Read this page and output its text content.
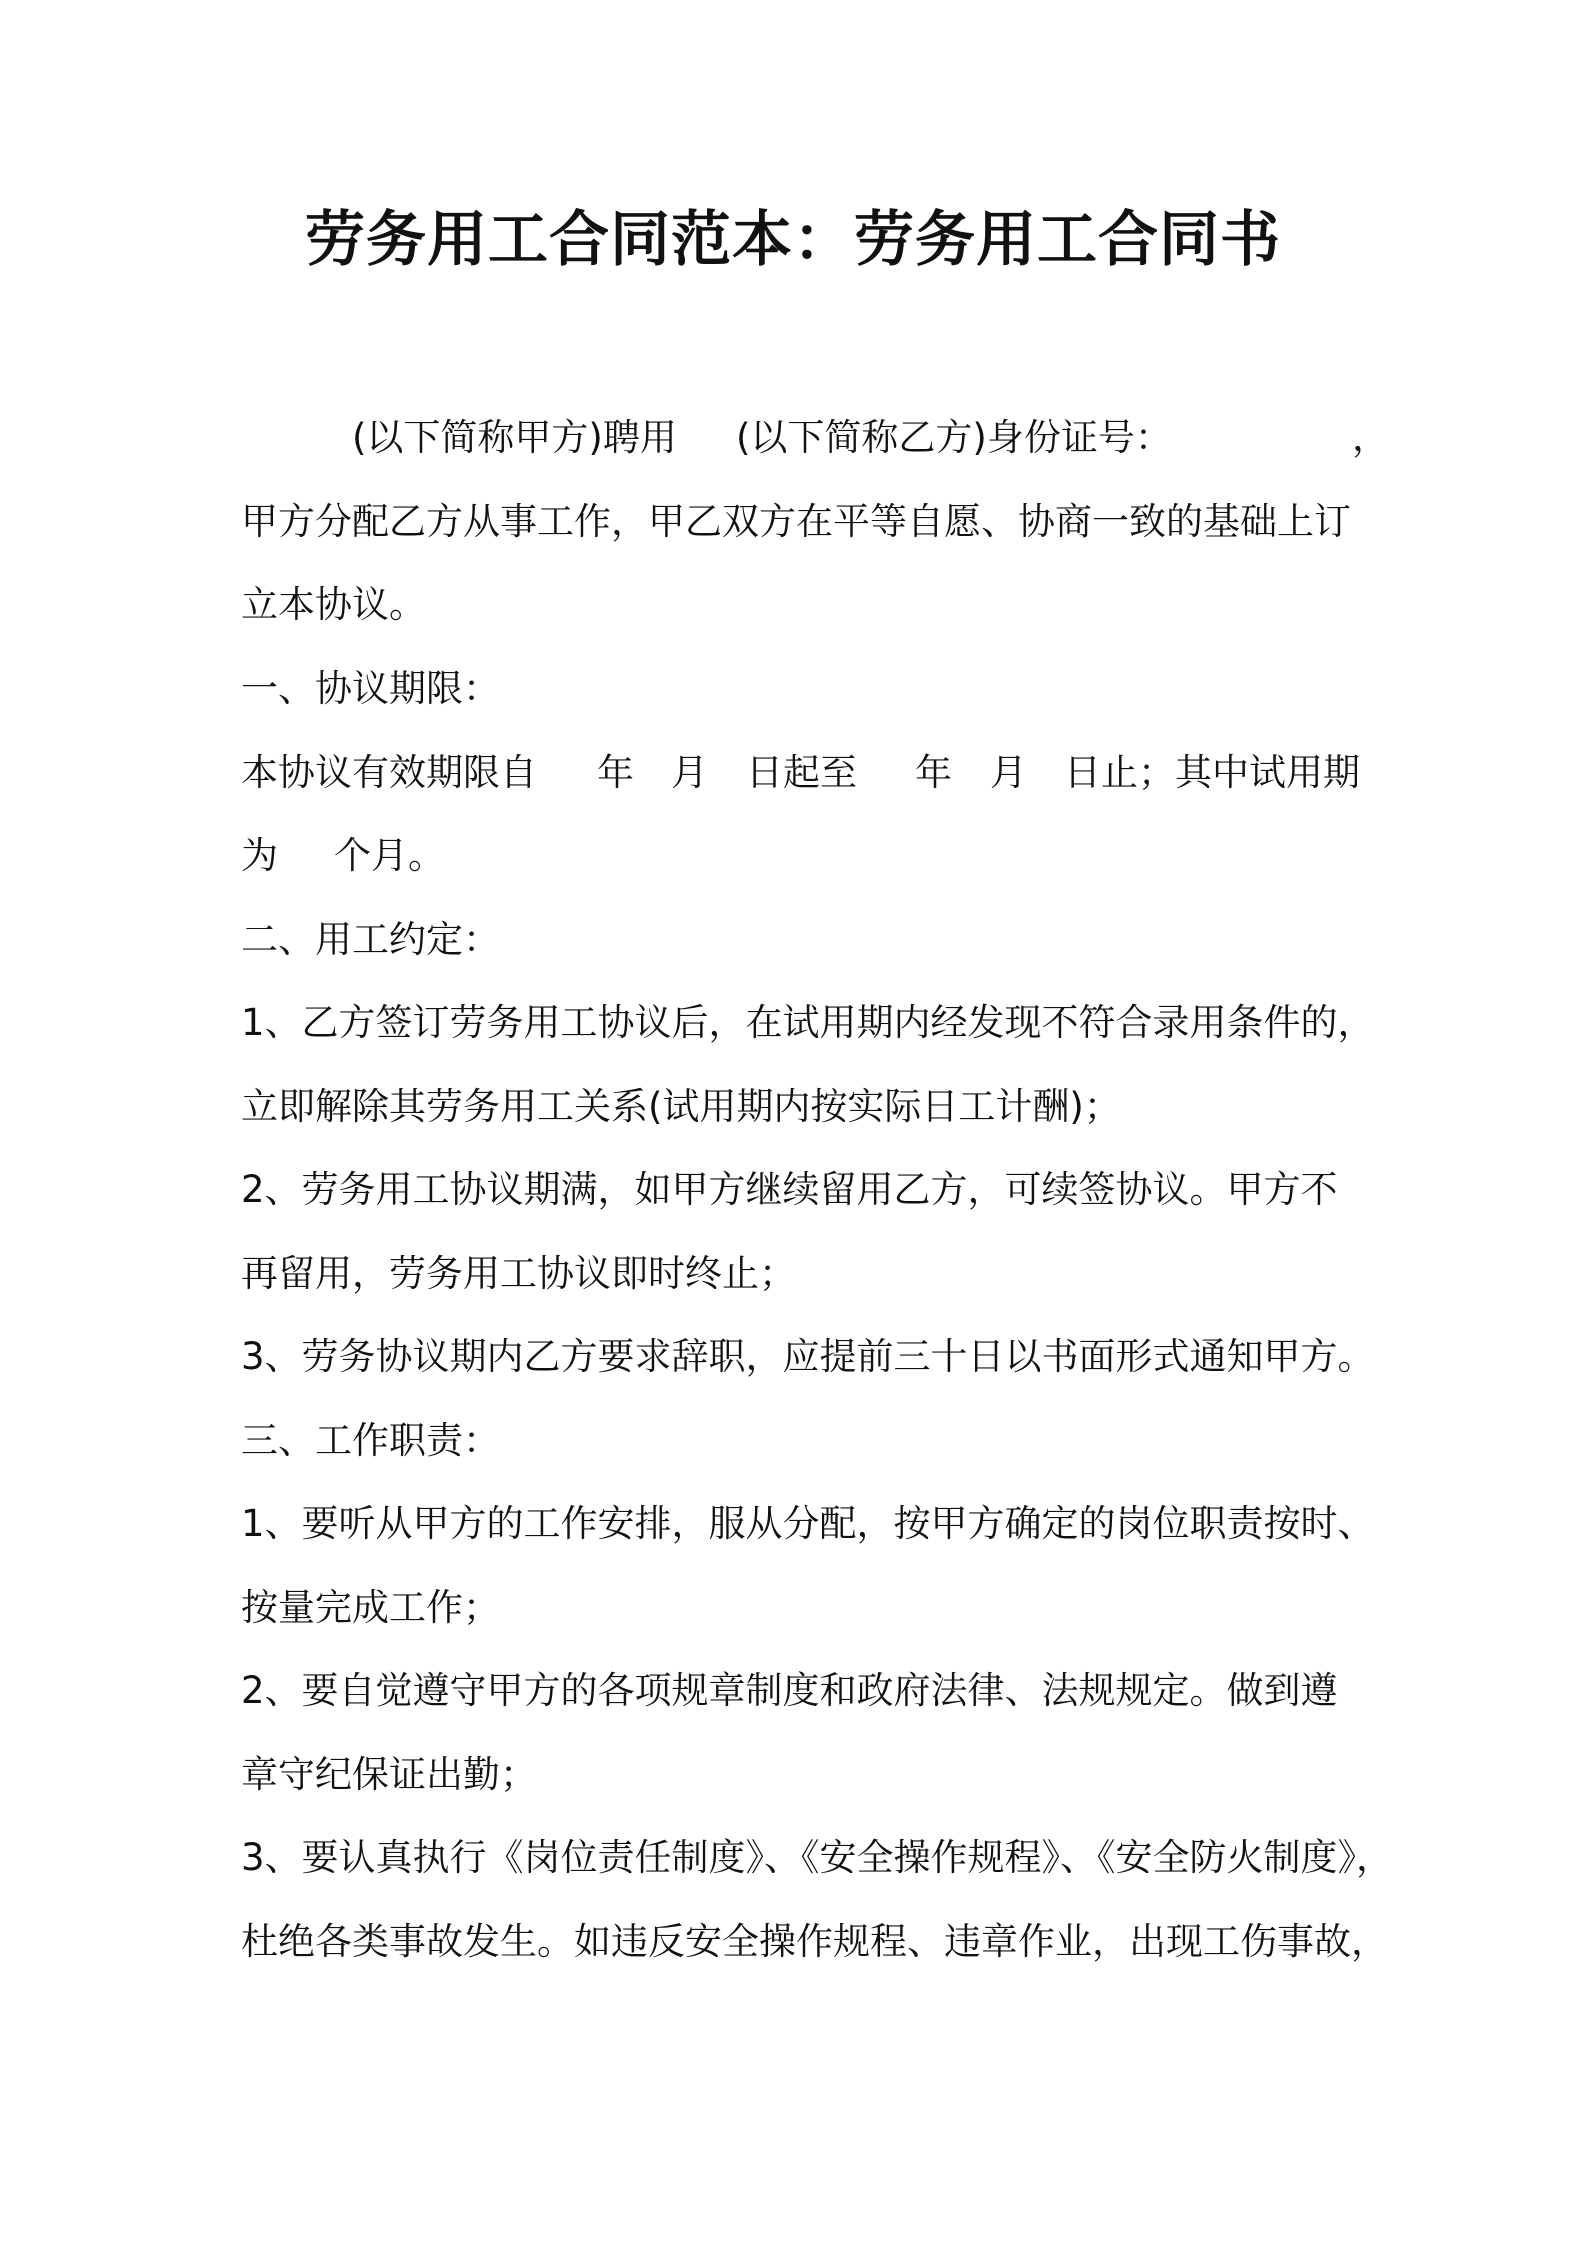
劳务用工合同范本：劳务用工合同书
(以下简称甲方)聘用 (以下简称乙方)身份证号：	，
甲方分配乙方从事工作，甲乙双方在平等自愿、协商一致的基础上订
立本协议。
一、协议期限：
本协议有效期限自 年 月 日起至 年 月 日止；其中试用期
为 个月。
二、用工约定：
1、乙方签订劳务用工协议后，在试用期内经发现不符合录用条件的，
立即解除其劳务用工关系(试用期内按实际日工计酬)；
2、劳务用工协议期满，如甲方继续留用乙方，可续签协议。甲方不
再留用，劳务用工协议即时终止；
3、劳务协议期内乙方要求辞职，应提前三十日以书面形式通知甲方。
三、工作职责：
1、要听从甲方的工作安排，服从分配，按甲方确定的岗位职责按时、
按量完成工作；
2、要自觉遵守甲方的各项规章制度和政府法律、法规规定。做到遵
章守纪保证出勤；
3、要认真执行《岗位责任制度》、《安全操作规程》、《安全防火制度》，
杜绝各类事故发生。如违反安全操作规程、违章作业，出现工伤事故，
